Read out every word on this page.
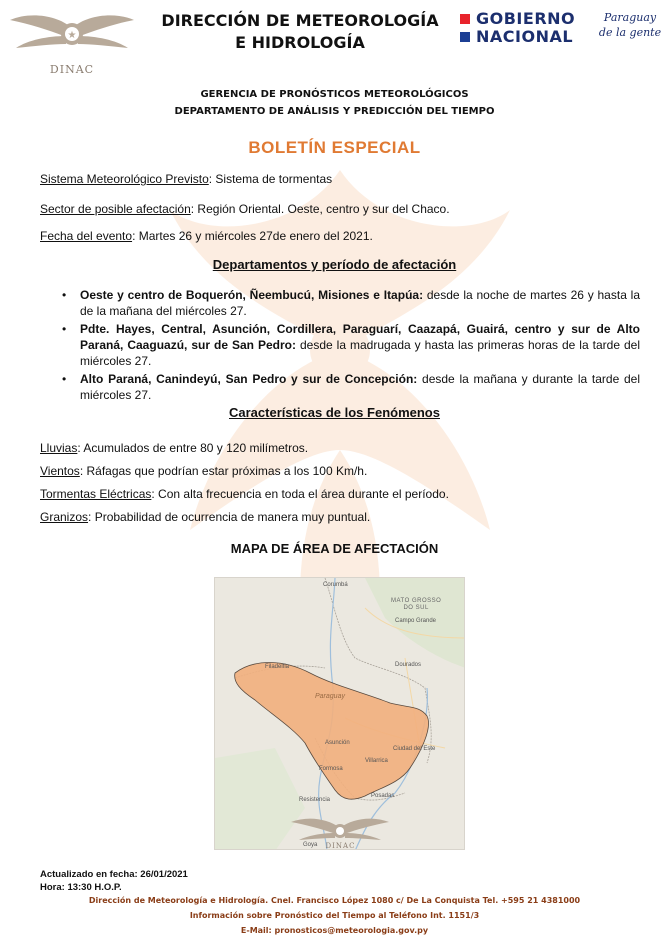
★
DINAC
DIRECCIÓN DE METEOROLOGÍA
E HIDROLOGÍA
GOBIERNO
NACIONAL
Paraguay
de la gente
GERENCIA DE PRONÓSTICOS METEOROLÓGICOS
DEPARTAMENTO DE ANÁLISIS Y PREDICCIÓN DEL TIEMPO
BOLETÍN ESPECIAL
Sistema Meteorológico Previsto: Sistema de tormentas
Sector de posible afectación: Región Oriental. Oeste, centro y sur del Chaco.
Fecha del evento: Martes 26 y miércoles 27de enero del 2021.
Departamentos y período de afectación
• Oeste y centro de Boquerón, Ñeembucú, Misiones e Itapúa: desde la noche de martes 26 y hasta la de la mañana del miércoles 27.
• Pdte. Hayes, Central, Asunción, Cordillera, Paraguarí, Caazapá, Guairá, centro y sur de Alto Paraná, Caaguazú, sur de San Pedro: desde la madrugada y hasta las primeras horas de la tarde del miércoles 27.
• Alto Paraná, Canindeyú, San Pedro y sur de Concepción: desde la mañana y durante la tarde del miércoles 27.
Características de los Fenómenos
Lluvias: Acumulados de entre 80 y 120 milímetros.
Vientos: Ráfagas que podrían estar próximas a los 100 Km/h.
Tormentas Eléctricas: Con alta frecuencia en toda el área durante el período.
Granizos: Probabilidad de ocurrencia de manera muy puntual.
MAPA DE ÁREA DE AFECTACIÓN
Corumbá
MATO GROSSO
DO SUL
Campo Grande
Filadelfia	Dourados
Paraguay
Asunción
Ciudad del Este
Villarrica
Formosa
Posadas
Resistencia
Goya	DINAC
Actualizado en fecha: 26/01/2021
Hora: 13:30 H.O.P.
Dirección de Meteorología e Hidrología. Cnel. Francisco López 1080 c/ De La Conquista Tel. +595 21 4381000
Información sobre Pronóstico del Tiempo al Teléfono Int. 1151/3
E-Mail: pronosticos@meteorologia.gov.py
